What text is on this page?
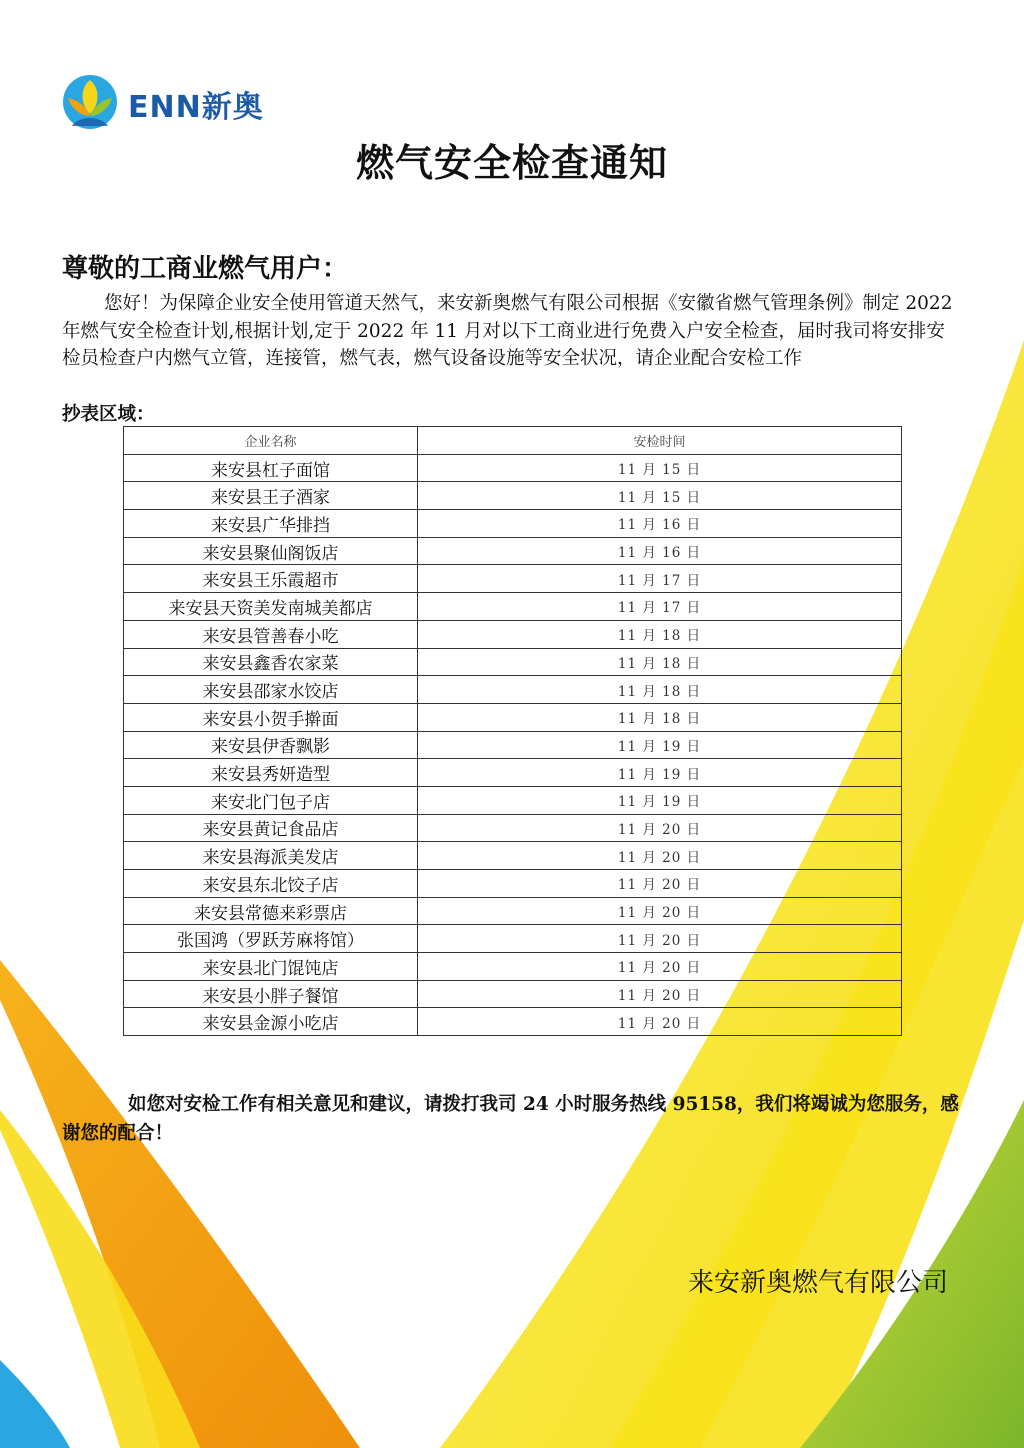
ENN新奥
燃气安全检查通知
尊敬的工商业燃气用户：
您好！为保障企业安全使用管道天然气，来安新奥燃气有限公司根据《安徽省燃气管理条例》制定 2022 年燃气安全检查计划,根据计划,定于 2022 年 11 月对以下工商业进行免费入户安全检查，届时我司将安排安检员检查户内燃气立管，连接管，燃气表，燃气设备设施等安全状况，请企业配合安检工作
抄表区域：
企业名称	安检时间
来安县杠子面馆	11 月 15 日
来安县王子酒家	11 月 15 日
来安县广华排挡	11 月 16 日
来安县聚仙阁饭店	11 月 16 日
来安县王乐霞超市	11 月 17 日
来安县天资美发南城美都店	11 月 17 日
来安县管善春小吃	11 月 18 日
来安县鑫香农家菜	11 月 18 日
来安县邵家水饺店	11 月 18 日
来安县小贺手擀面	11 月 18 日
来安县伊香飘影	11 月 19 日
来安县秀妍造型	11 月 19 日
来安北门包子店	11 月 19 日
来安县黄记食品店	11 月 20 日
来安县海派美发店	11 月 20 日
来安县东北饺子店	11 月 20 日
来安县常德来彩票店	11 月 20 日
张国鸿（罗跃芳麻将馆）	11 月 20 日
来安县北门馄饨店	11 月 20 日
来安县小胖子餐馆	11 月 20 日
来安县金源小吃店	11 月 20 日
如您对安检工作有相关意见和建议，请拨打我司 24 小时服务热线 95158，我们将竭诚为您服务，感谢您的配合！
来安新奥燃气有限公司
